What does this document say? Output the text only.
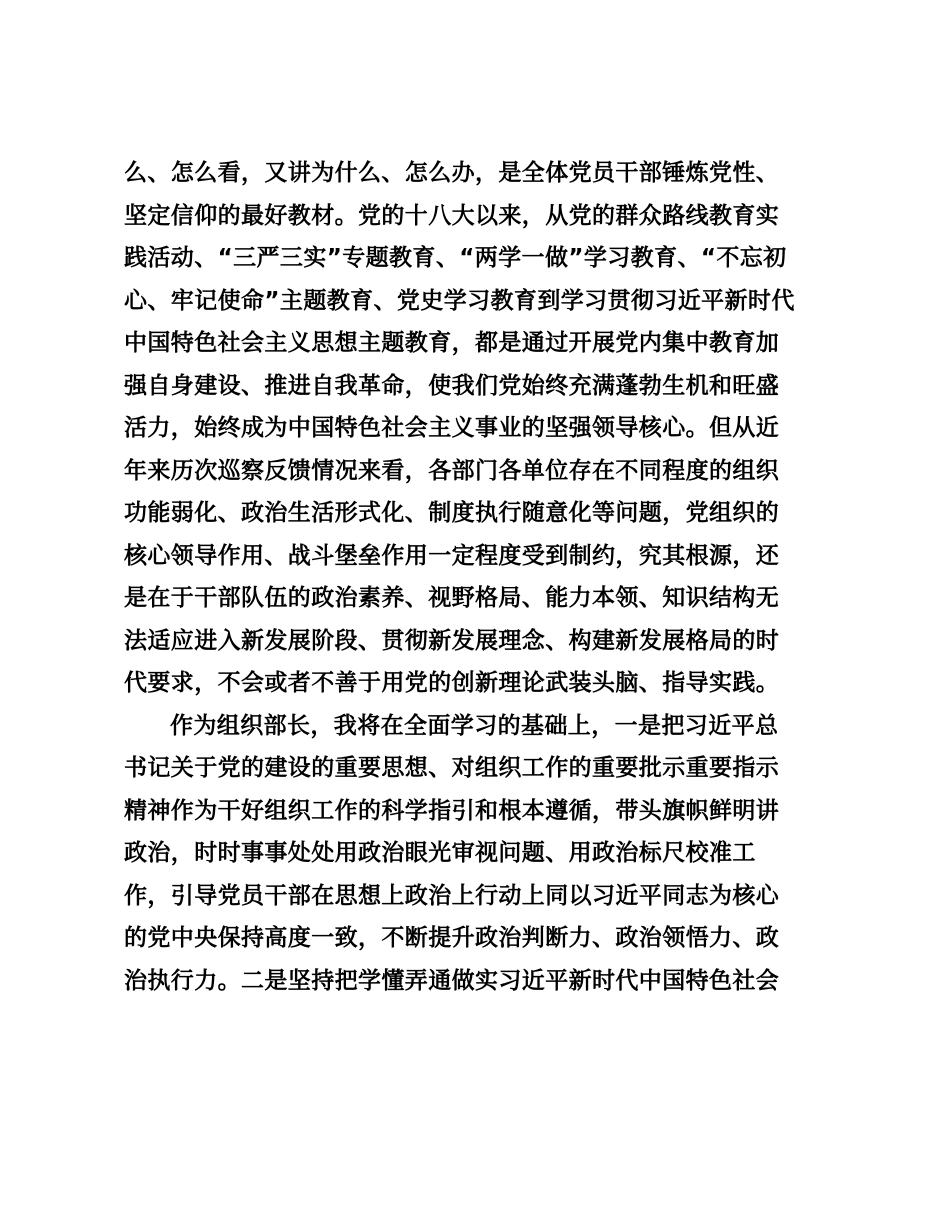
么、怎么看，又讲为什么、怎么办，是全体党员干部锤炼党性、
坚定信仰的最好教材。党的十八大以来，从党的群众路线教育实
践活动、“三严三实”专题教育、“两学一做”学习教育、“不忘初
心、牢记使命”主题教育、党史学习教育到学习贯彻习近平新时代
中国特色社会主义思想主题教育，都是通过开展党内集中教育加
强自身建设、推进自我革命，使我们党始终充满蓬勃生机和旺盛
活力，始终成为中国特色社会主义事业的坚强领导核心。但从近
年来历次巡察反馈情况来看，各部门各单位存在不同程度的组织
功能弱化、政治生活形式化、制度执行随意化等问题，党组织的
核心领导作用、战斗堡垒作用一定程度受到制约，究其根源，还
是在于干部队伍的政治素养、视野格局、能力本领、知识结构无
法适应进入新发展阶段、贯彻新发展理念、构建新发展格局的时
代要求，不会或者不善于用党的创新理论武装头脑、指导实践。
作为组织部长，我将在全面学习的基础上，一是把习近平总
书记关于党的建设的重要思想、对组织工作的重要批示重要指示
精神作为干好组织工作的科学指引和根本遵循，带头旗帜鲜明讲
政治，时时事事处处用政治眼光审视问题、用政治标尺校准工
作，引导党员干部在思想上政治上行动上同以习近平同志为核心
的党中央保持高度一致，不断提升政治判断力、政治领悟力、政
治执行力。二是坚持把学懂弄通做实习近平新时代中国特色社会
